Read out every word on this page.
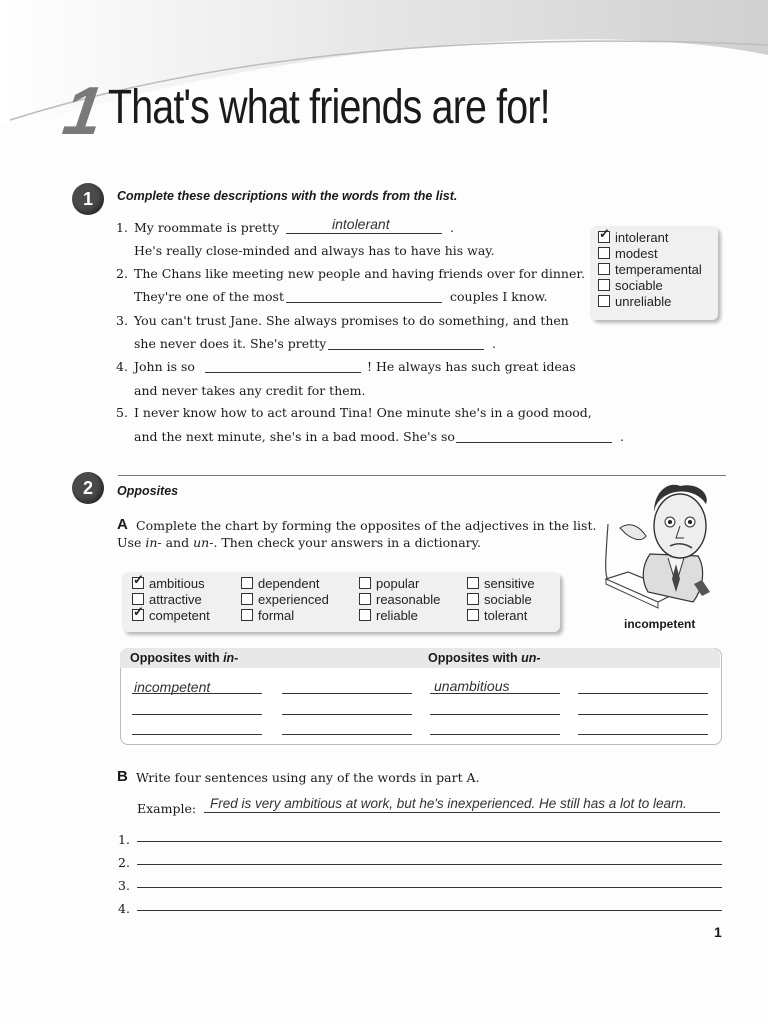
1 That's what friends are for!
1	Complete these descriptions with the words from the list.
1. My roommate is pretty	intolerant	.
He's really close-minded and always has to have his way.
2. The Chans like meeting new people and having friends over for dinner.
They're one of the most	couples I know.
3. You can't trust Jane. She always promises to do something, and then
she never does it. She's pretty	.
4. John is so	! He always has such great ideas
and never takes any credit for them.
5. I never know how to act around Tina! One minute she's in a good mood,
and the next minute, she's in a bad mood. She's so	.
✓intolerant
modest
temperamental
sociable
unreliable
2	Opposites
A Complete the chart by forming the opposites of the adjectives in the list.
Use in- and un-. Then check your answers in a dictionary.
✓ambitious	dependent	popular	sensitive
attractive	experienced	reasonable	sociable
✓competent	formal	reliable	tolerant
incompetent
Opposites with in-	Opposites with un-
incompetent	unambitious
B Write four sentences using any of the words in part A.
Example: Fred is very ambitious at work, but he's inexperienced. He still has a lot to learn.
1.
2.
3.
4.
1
